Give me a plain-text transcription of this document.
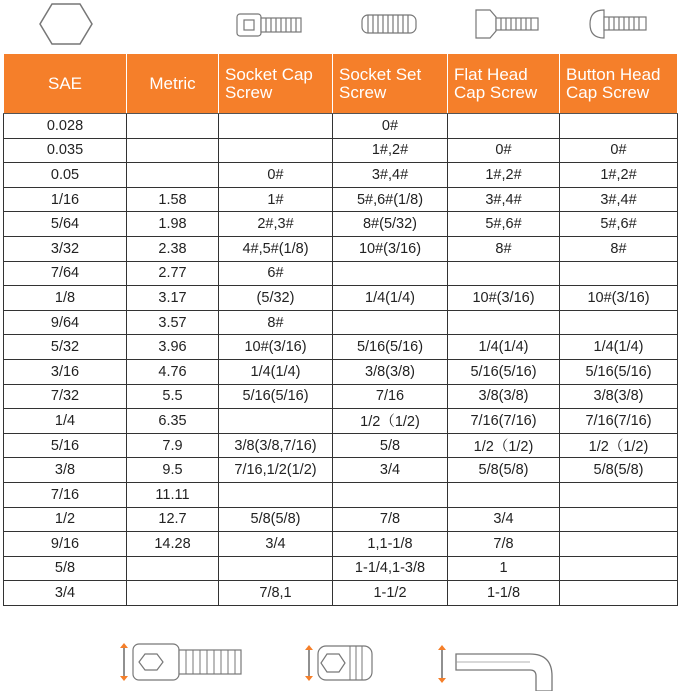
SAE	Metric	Socket Cap Screw	Socket Set Screw	Flat Head Cap Screw	Button Head Cap Screw
0.028			0#		
0.035			1#,2#	0#	0#
0.05		0#	3#,4#	1#,2#	1#,2#
1/16	1.58	1#	5#,6#(1/8)	3#,4#	3#,4#
5/64	1.98	2#,3#	8#(5/32)	5#,6#	5#,6#
3/32	2.38	4#,5#(1/8)	10#(3/16)	8#	8#
7/64	2.77	6#			
1/8	3.17	(5/32)	1/4(1/4)	10#(3/16)	10#(3/16)
9/64	3.57	8#			
5/32	3.96	10#(3/16)	5/16(5/16)	1/4(1/4)	1/4(1/4)
3/16	4.76	1/4(1/4)	3/8(3/8)	5/16(5/16)	5/16(5/16)
7/32	5.5	5/16(5/16)	7/16	3/8(3/8)	3/8(3/8)
1/4	6.35		1/2（1/2)	7/16(7/16)	7/16(7/16)
5/16	7.9	3/8(3/8,7/16)	5/8	1/2（1/2)	1/2（1/2)
3/8	9.5	7/16,1/2(1/2)	3/4	5/8(5/8)	5/8(5/8)
7/16	11.11				
1/2	12.7	5/8(5/8)	7/8	3/4	
9/16	14.28	3/4	1,1-1/8	7/8	
5/8			1-1/4,1-3/8	1	
3/4		7/8,1	1-1/2	1-1/8	
